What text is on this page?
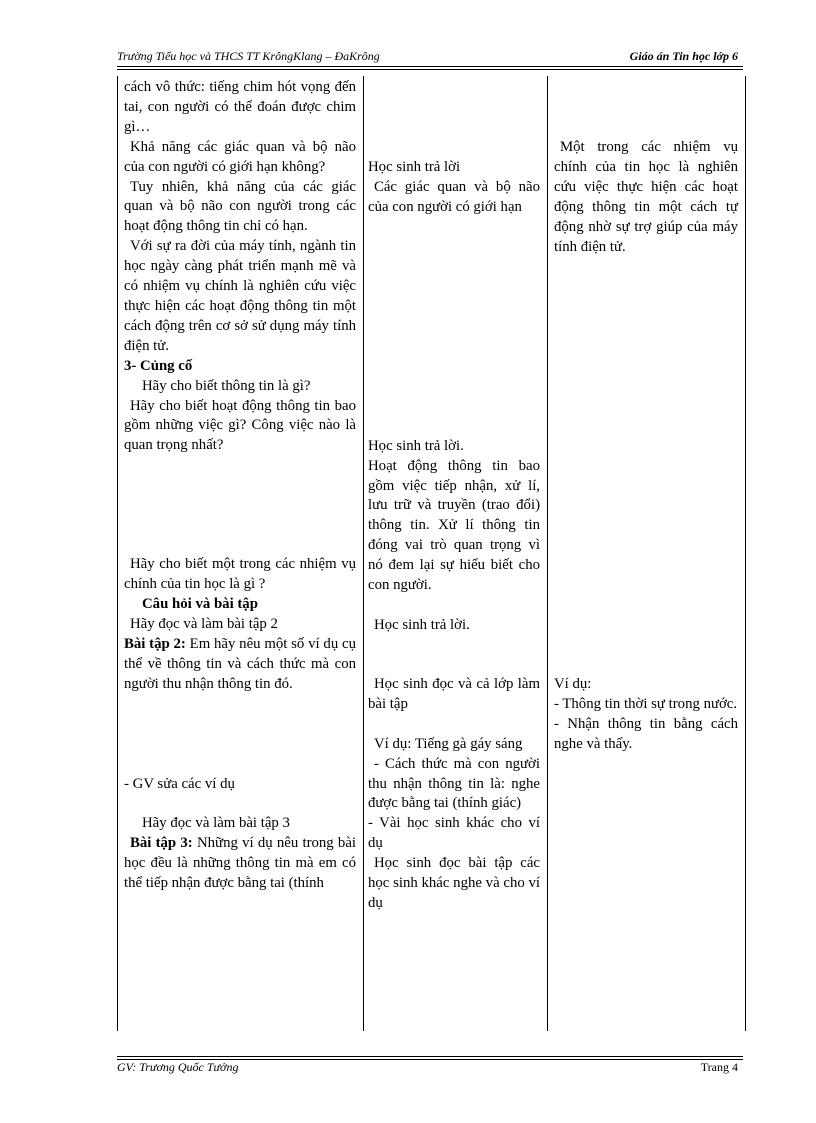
Trường Tiểu học và THCS TT KrôngKlang – ĐaKrông	Giáo án Tin học lớp 6

cách vô thức: tiếng chim hót vọng đến tai, con người có thể đoán được chim gì…

Khả năng các giác quan và bộ não của con người có giới hạn không?

Tuy nhiên, khả năng của các giác quan và bộ não con người trong các hoạt động thông tin chỉ có hạn.

Với sự ra đời của máy tính, ngành tin học ngày càng phát triển mạnh mẽ và có nhiệm vụ chính là nghiên cứu việc thực hiện các hoạt động thông tin một cách động trên cơ sở sử dụng máy tính điện tử.

3- Củng cố

Hãy cho biết thông tin là gì?

Hãy cho biết hoạt động thông tin bao gồm những việc gì? Công việc nào là quan trọng nhất?

Hãy cho biết một trong các nhiệm vụ chính của tin học là gì ?

Câu hỏi và bài tập

Hãy đọc và làm bài tập 2

Bài tập 2: Em hãy nêu một số ví dụ cụ thể về thông tin và cách thức mà con người thu nhận thông tin đó.

- GV sửa các ví dụ

Hãy đọc và làm bài tập 3

Bài tập 3: Những ví dụ nêu trong bài học đều là những thông tin mà em có thể tiếp nhận được bằng tai (thính

Học sinh trả lời

Các giác quan và bộ não của con người có giới hạn

Học sinh trả lời.

Hoạt động thông tin bao gồm việc tiếp nhận, xử lí, lưu trữ và truyền (trao đổi) thông tin. Xử lí thông tin đóng vai trò quan trọng vì nó đem lại sự hiểu biết cho con người.

Học sinh trả lời.

Học sinh đọc và cả lớp làm bài tập

Ví dụ: Tiếng gà gáy sáng

- Cách thức mà con người thu nhận thông tin là: nghe được bằng tai (thính giác)

- Vài học sinh khác cho ví dụ

Học sinh đọc bài tập các học sinh khác nghe và cho ví dụ

Một trong các nhiệm vụ chính của tin học là nghiên cứu việc thực hiện các hoạt động thông tin một cách tự động nhờ sự trợ giúp của máy tính điện tử.

Ví dụ:

- Thông tin thời sự trong nước.

- Nhận thông tin bằng cách nghe và thấy.

GV: Trương Quốc Tưởng	Trang 4
